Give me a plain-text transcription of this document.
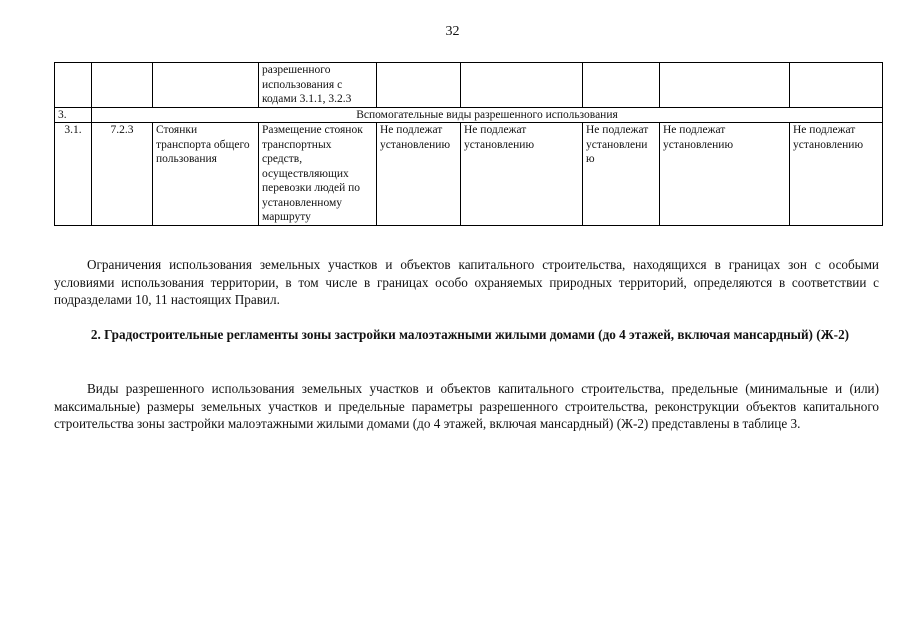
32
			разрешенного использования с кодами 3.1.1, 3.2.3					
3.	Вспомогательные виды разрешенного использования							
3.1.	7.2.3	Стоянки транспорта общего пользования	Размещение стоянок транспортных средств, осуществляющих перевозки людей по установленному маршруту	Не подлежат установлению	Не подлежат установлению	Не подлежат установлению	Не подлежат установлению	Не подлежат установлению

Ограничения использования земельных участков и объектов капитального строительства, находящихся в границах зон с особыми условиями использования территории, в том числе в границах особо охраняемых природных территорий, определяются в соответствии с подразделами 10, 11 настоящих Правил.

2. Градостроительные регламенты зоны застройки малоэтажными жилыми домами (до 4 этажей, включая мансардный) (Ж-2)

Виды разрешенного использования земельных участков и объектов капитального строительства, предельные (минимальные и (или) максимальные) размеры земельных участков и предельные параметры разрешенного строительства, реконструкции объектов капитального строительства зоны застройки малоэтажными жилыми домами (до 4 этажей, включая мансардный) (Ж-2) представлены в таблице 3.
